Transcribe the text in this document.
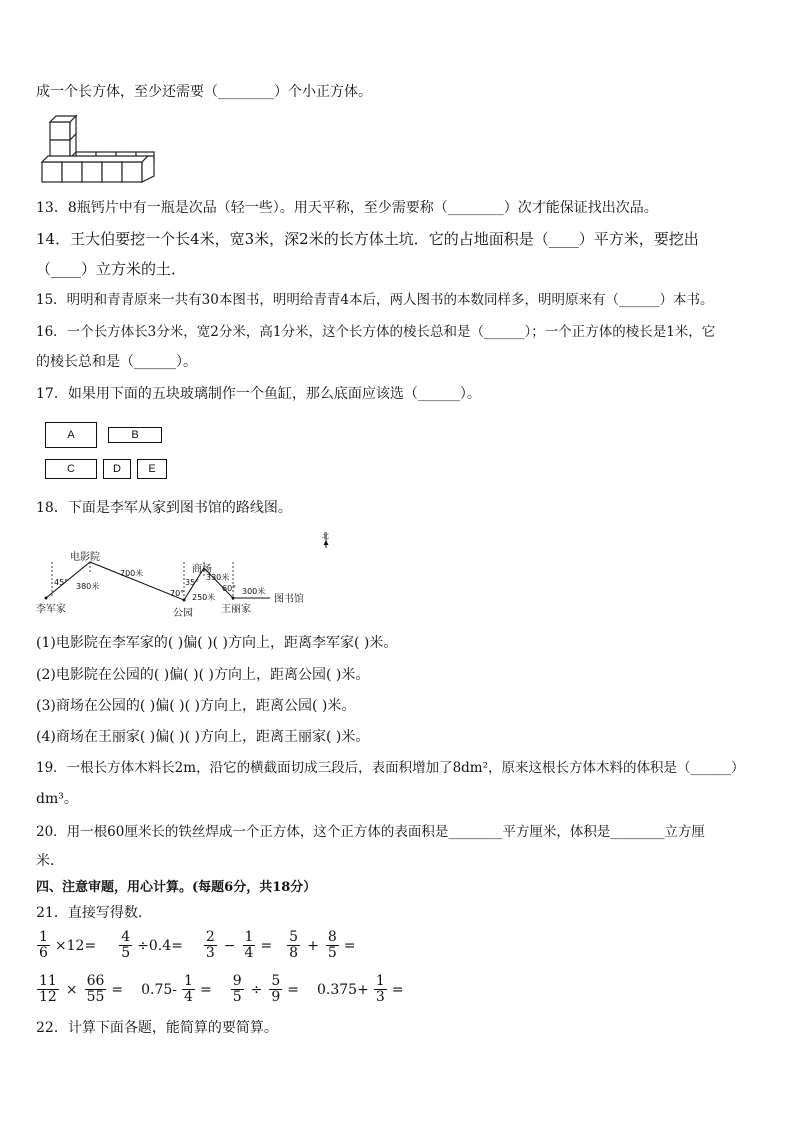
成一个长方体，至少还需要（________）个小正方体。
13．8瓶钙片中有一瓶是次品（轻一些）。用天平称，至少需要称（________）次才能保证找出次品。
14．王大伯要挖一个长4米，宽3米，深2米的长方体土坑．它的占地面积是（____）平方米，要挖出
（____）立方米的土．
15．明明和青青原来一共有30本图书，明明给青青4本后，两人图书的本数同样多，明明原来有（______）本书。
16．一个长方体长3分米，宽2分米，高1分米，这个长方体的棱长总和是（______）；一个正方体的棱长是1米，它
的棱长总和是（______）。
17．如果用下面的五块玻璃制作一个鱼缸，那么底面应该选（______）。
A	B
C	D E
18．下面是李军从家到图书馆的路线图。
北
电影院
李军家	公园
商场
王丽家
图书馆
45°
70°
35°
60°
380米
700米
250米
330米
300米
(1)电影院在李军家的( )偏( )( )方向上，距离李军家( )米。
(2)电影院在公园的( )偏( )( )方向上，距离公园( )米。
(3)商场在公园的( )偏( )( )方向上，距离公园( )米。
(4)商场在王丽家( )偏( )( )方向上，距离王丽家( )米。
19．一根长方体木料长2m，沿它的横截面切成三段后，表面积增加了8dm²，原来这根长方体木料的体积是（______）
dm³。
20．用一根60厘米长的铁丝焊成一个正方体，这个正方体的表面积是________平方厘米，体积是________立方厘
米．
四、注意审题，用心计算。(每题6分，共18分）
21．直接写得数．
$\frac{1}{6} \times 12= \frac{4}{5} \div 0.4= \frac{2}{3} - \frac{1}{4} = \frac{5}{8} + \frac{8}{5}$ =
$\frac{11}{12} \times \frac{66}{55} = 0.75- \frac{1}{4} = \frac{9}{5} \div \frac{5}{9} = 0.375+ \frac{1}{3}$ =
22．计算下面各题，能简算的要简算。
